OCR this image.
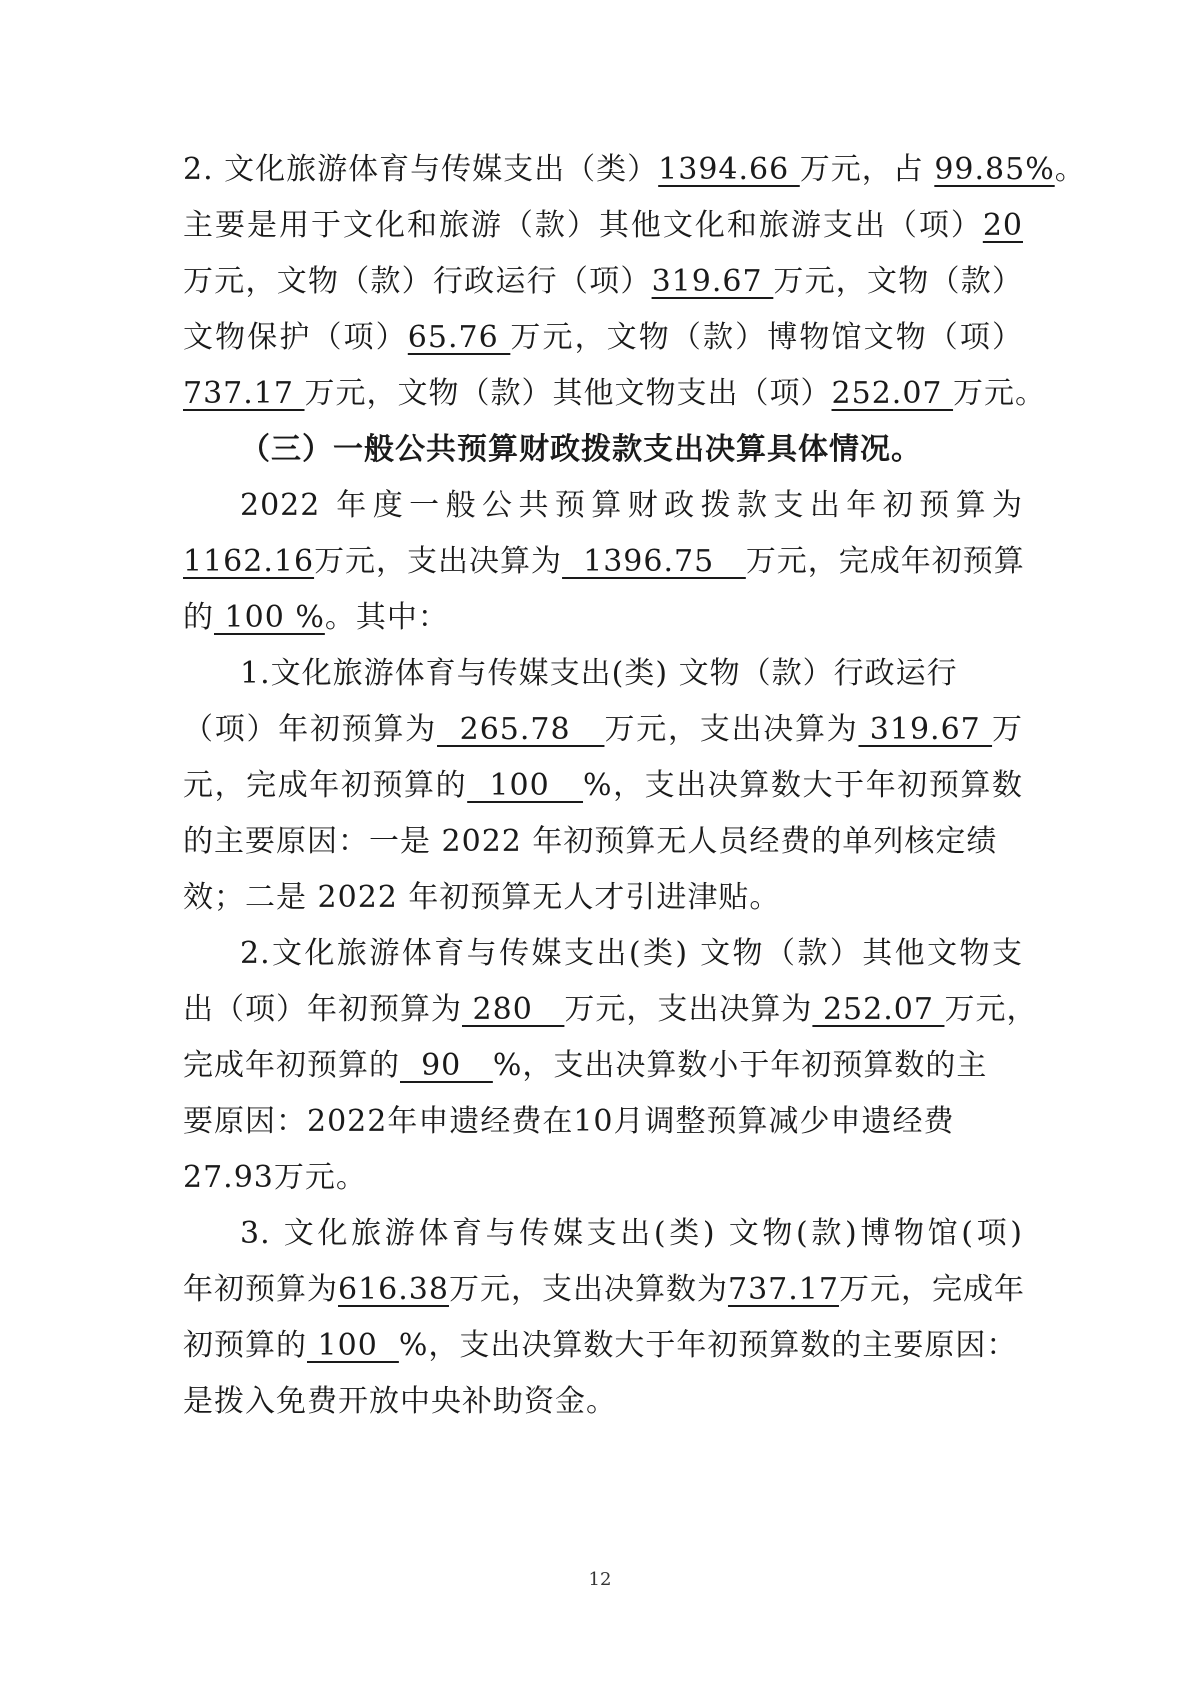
2. 文化旅游体育与传媒支出（类）1394.66 万元，占 99.85%。
主要是用于文化和旅游（款）其他文化和旅游支出（项）20
万元，文物（款）行政运行（项）319.67 万元，文物（款）
文物保护（项）65.76 万元，文物（款）博物馆文物（项）
737.17 万元，文物（款）其他文物支出（项）252.07 万元。
（三）一般公共预算财政拨款支出决算具体情况。
2022 年度一般公共预算财政拨款支出年初预算为
1162.16万元，支出决算为  1396.75   万元，完成年初预算
的 100 %。其中：
1.文化旅游体育与传媒支出(类) 文物（款）行政运行
（项）年初预算为  265.78   万元，支出决算为 319.67 万
元，完成年初预算的  100   %，支出决算数大于年初预算数
的主要原因：一是 2022 年初预算无人员经费的单列核定绩
效；二是 2022 年初预算无人才引进津贴。
2.文化旅游体育与传媒支出(类) 文物（款）其他文物支
出（项）年初预算为 280   万元，支出决算为 252.07 万元，
完成年初预算的  90   %，支出决算数小于年初预算数的主
要原因：2022年申遗经费在10月调整预算减少申遗经费
27.93万元。
3. 文化旅游体育与传媒支出(类) 文物(款)博物馆(项)
年初预算为616.38万元，支出决算数为737.17万元，完成年
初预算的 100  %，支出决算数大于年初预算数的主要原因：
是拨入免费开放中央补助资金。
12
